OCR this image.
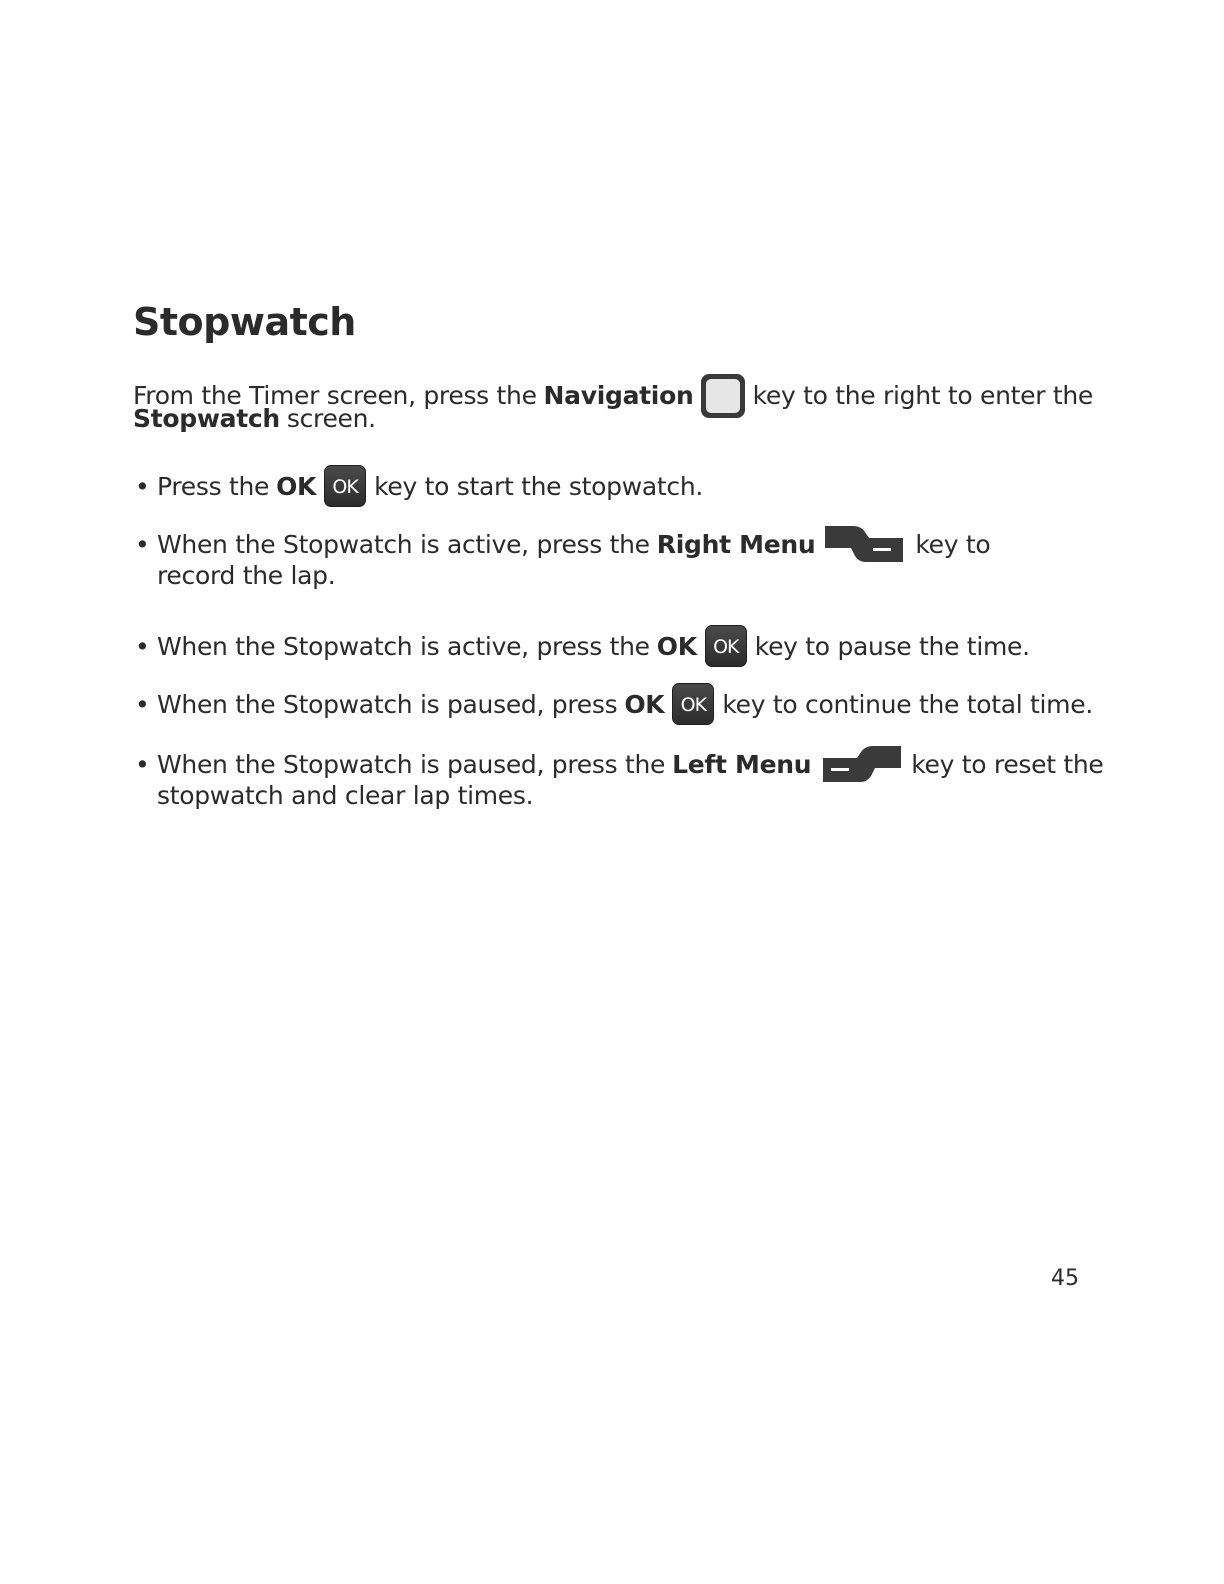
Stopwatch
From the Timer screen, press the Navigation key to the right to enter the
Stopwatch screen.
• Press the OK OK key to start the stopwatch.
• When the Stopwatch is active, press the Right Menu	key to
record the lap.
• When the Stopwatch is active, press the OK OK key to pause the time.
• When the Stopwatch is paused, press OK OK key to continue the total time.
• When the Stopwatch is paused, press the Left Menu	key to reset the
stopwatch and clear lap times.
45
